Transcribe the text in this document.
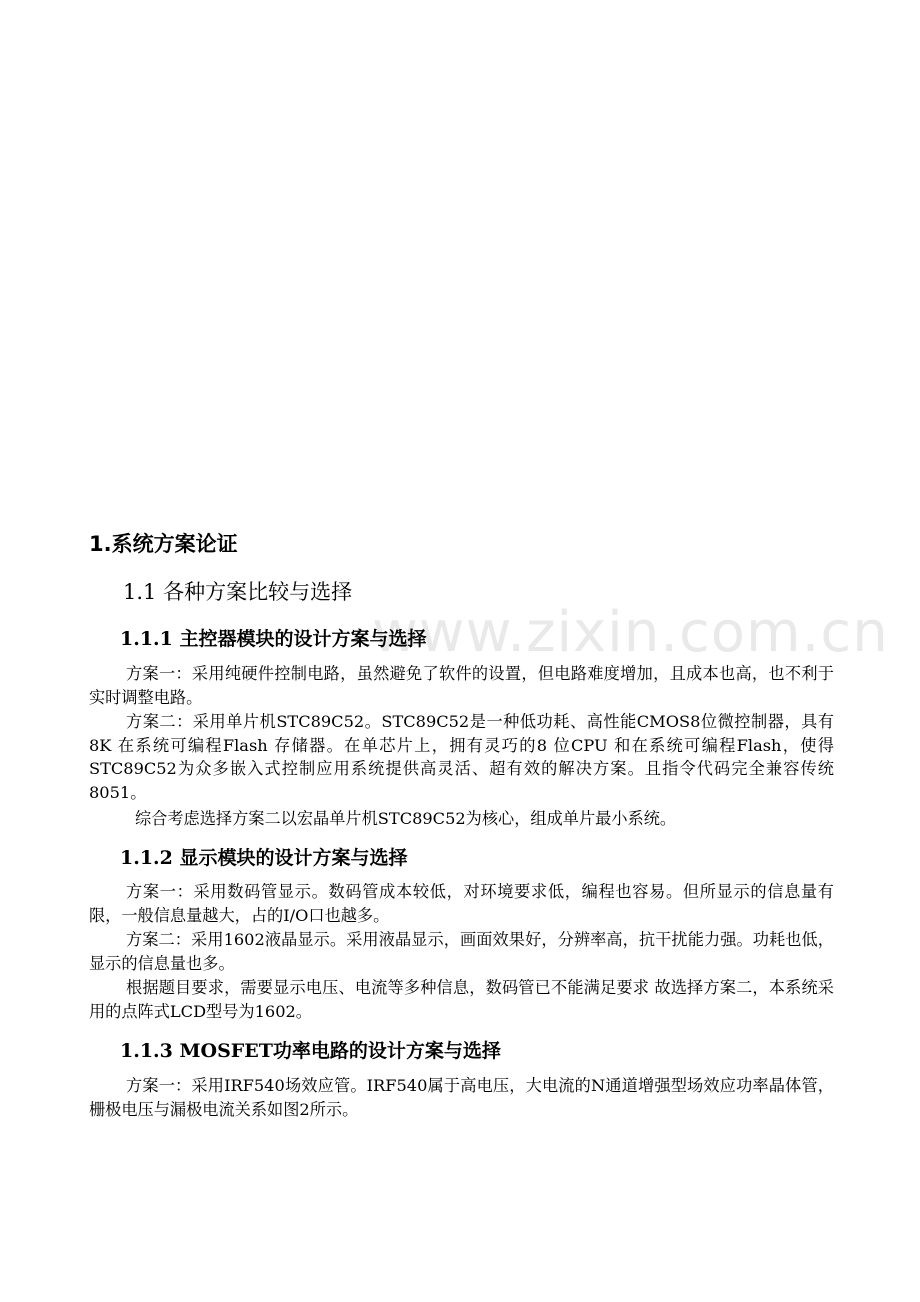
www.zixin.com.cn
1.系统方案论证
1.1 各种方案比较与选择
1.1.1 主控器模块的设计方案与选择

方案一：采用纯硬件控制电路，虽然避免了软件的设置，但电路难度增加，且成本也高，也不利于实时调整电路。

方案二：采用单片机STC89C52。STC89C52是一种低功耗、高性能CMOS8位微控制器，具有 8K 在系统可编程Flash 存储器。在单芯片上，拥有灵巧的8 位CPU 和在系统可编程Flash，使得STC89C52为众多嵌入式控制应用系统提供高灵活、超有效的解决方案。且指令代码完全兼容传统8051。

综合考虑选择方案二以宏晶单片机STC89C52为核心，组成单片最小系统。

1.1.2 显示模块的设计方案与选择

方案一：采用数码管显示。数码管成本较低，对环境要求低，编程也容易。但所显示的信息量有限，一般信息量越大，占的I/O口也越多。

方案二：采用1602液晶显示。采用液晶显示，画面效果好，分辨率高，抗干扰能力强。功耗也低，显示的信息量也多。

根据题目要求，需要显示电压、电流等多种信息，数码管已不能满足要求 故选择方案二，本系统采用的点阵式LCD型号为1602。

1.1.3 MOSFET功率电路的设计方案与选择

方案一：采用IRF540场效应管。IRF540属于高电压，大电流的N通道增强型场效应功率晶体管，栅极电压与漏极电流关系如图2所示。
